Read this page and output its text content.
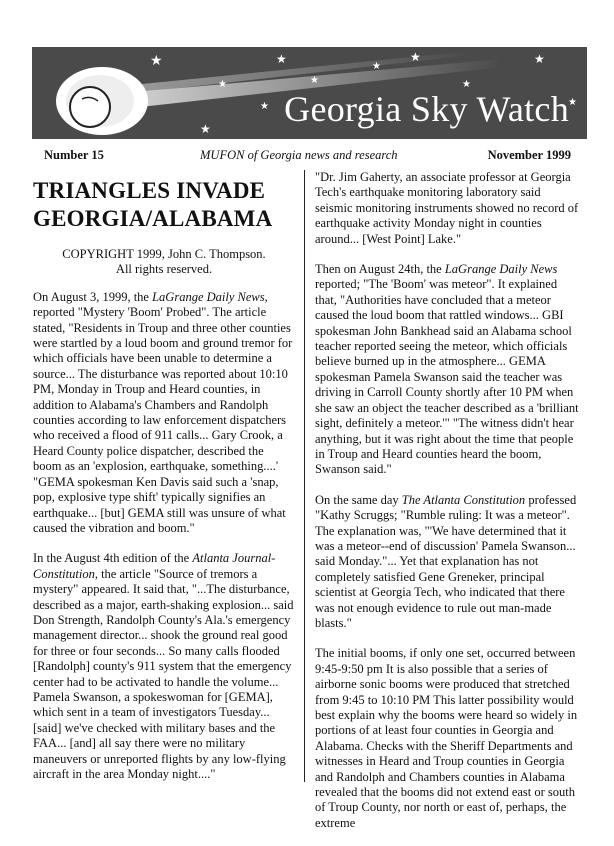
★	★
★
★
★
★
★
★
★
★
★
Georgia Sky Watch
Number 15	MUFON of Georgia news and research	November 1999
TRIANGLES INVADE
GEORGIA/ALABAMA
COPYRIGHT 1999, John C. Thompson.
All rights reserved.

On August 3, 1999, the LaGrange Daily News, reported "Mystery 'Boom' Probed". The article stated, "Residents in Troup and three other counties were startled by a loud boom and ground tremor for which officials have been unable to determine a source... The disturbance was reported about 10:10 PM, Monday in Troup and Heard counties, in addition to Alabama's Chambers and Randolph counties according to law enforcement dispatchers who received a flood of 911 calls... Gary Crook, a Heard County police dispatcher, described the boom as an 'explosion, earthquake, something....' "GEMA spokesman Ken Davis said such a 'snap, pop, explosive type shift' typically signifies an earthquake... [but] GEMA still was unsure of what caused the vibration and boom."

In the August 4th edition of the Atlanta Journal-Constitution, the article "Source of tremors a mystery" appeared. It said that, "...The disturbance, described as a major, earth-shaking explosion... said Don Strength, Randolph County's Ala.'s emergency management director... shook the ground real good for three or four seconds... So many calls flooded [Randolph] county's 911 system that the emergency center had to be activated to handle the volume... Pamela Swanson, a spokeswoman for [GEMA], which sent in a team of investigators Tuesday... [said] we've checked with military bases and the FAA... [and] all say there were no military maneuvers or unreported flights by any low-flying aircraft in the area Monday night...."

"Dr. Jim Gaherty, an associate professor at Georgia Tech's earthquake monitoring laboratory said seismic monitoring instruments showed no record of earthquake activity Monday night in counties around... [West Point] Lake."

Then on August 24th, the LaGrange Daily News reported; "The 'Boom' was meteor". It explained that, "Authorities have concluded that a meteor caused the loud boom that rattled windows... GBI spokesman John Bankhead said an Alabama school teacher reported seeing the meteor, which officials believe burned up in the atmosphere... GEMA spokesman Pamela Swanson said the teacher was driving in Carroll County shortly after 10 PM when she saw an object the teacher described as a 'brilliant sight, definitely a meteor.'" "The witness didn't hear anything, but it was right about the time that people in Troup and Heard counties heard the boom, Swanson said."

On the same day The Atlanta Constitution professed "Kathy Scruggs; "Rumble ruling: It was a meteor". The explanation was, "'We have determined that it was a meteor--end of discussion' Pamela Swanson... said Monday."... Yet that explanation has not completely satisfied Gene Greneker, principal scientist at Georgia Tech, who indicated that there was not enough evidence to rule out man-made blasts."

The initial booms, if only one set, occurred between 9:45-9:50 pm It is also possible that a series of airborne sonic booms were produced that stretched from 9:45 to 10:10 PM This latter possibility would best explain why the booms were heard so widely in portions of at least four counties in Georgia and Alabama. Checks with the Sheriff Departments and witnesses in Heard and Troup counties in Georgia and Randolph and Chambers counties in Alabama revealed that the booms did not extend east or south of Troup County, nor north or east of, perhaps, the extreme
